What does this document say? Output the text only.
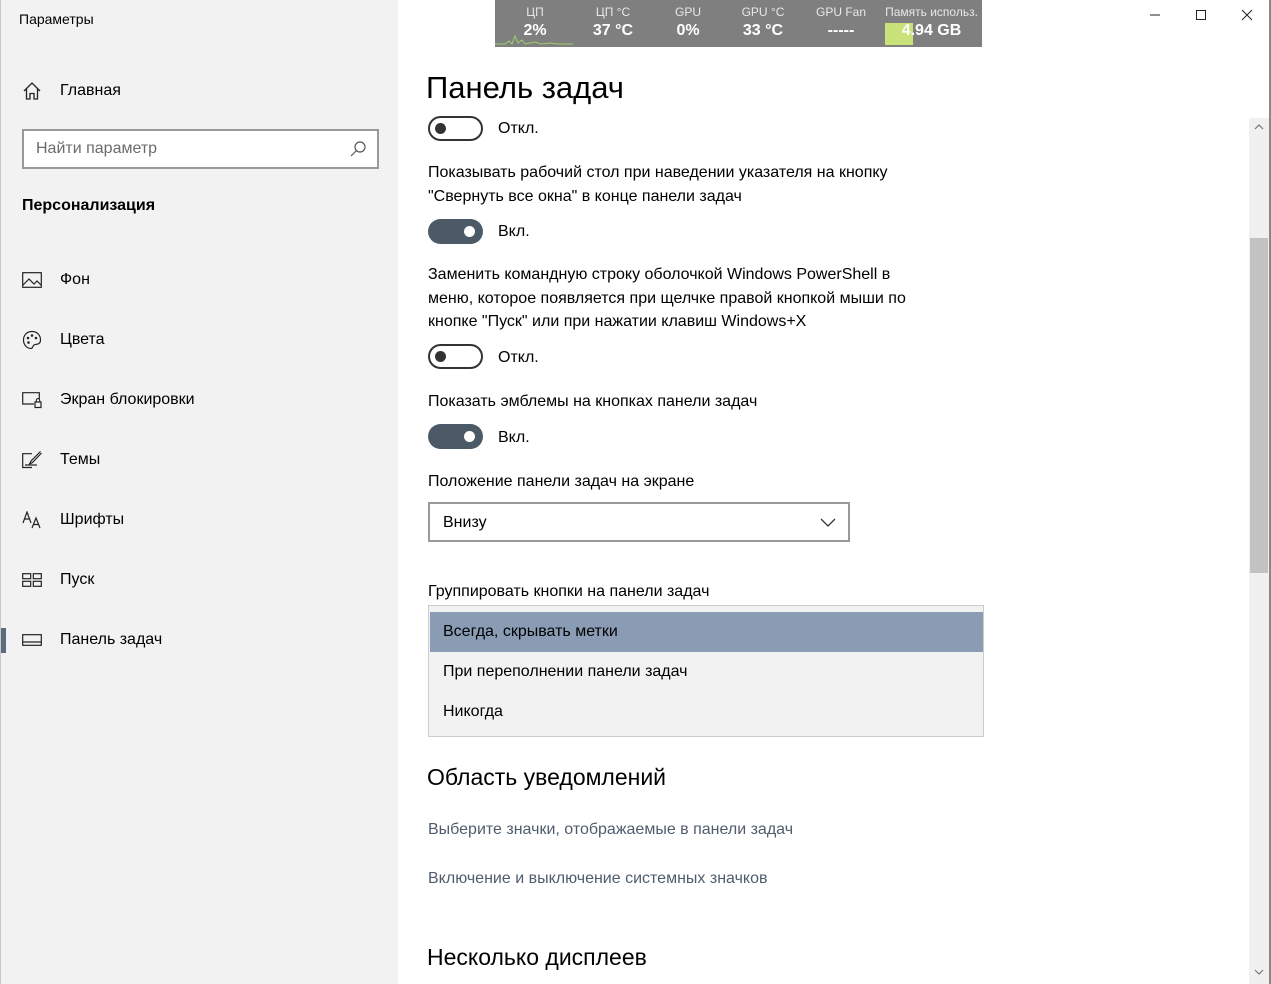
Параметры
Главная
Найти параметр
Персонализация
Фон
Цвета
Экран блокировки
Темы
Шрифты
Пуск
Панель задач
ЦП
2%
ЦП °C
37 °C
GPU
0%
GPU °C
33 °C
GPU Fan
-----
Память использ.
4.94 GB
Панель задач
Откл.
Показывать рабочий стол при наведении указателя на кнопку
"Свернуть все окна" в конце панели задач
Вкл.
Заменить командную строку оболочкой Windows PowerShell в
меню, которое появляется при щелчке правой кнопкой мыши по
кнопке "Пуск" или при нажатии клавиш Windows+X
Откл.
Показать эмблемы на кнопках панели задач
Вкл.
Положение панели задач на экране
Внизу
Группировать кнопки на панели задач
Всегда, скрывать метки
При переполнении панели задач
Никогда
Область уведомлений
Выберите значки, отображаемые в панели задач
Включение и выключение системных значков
Несколько дисплеев
